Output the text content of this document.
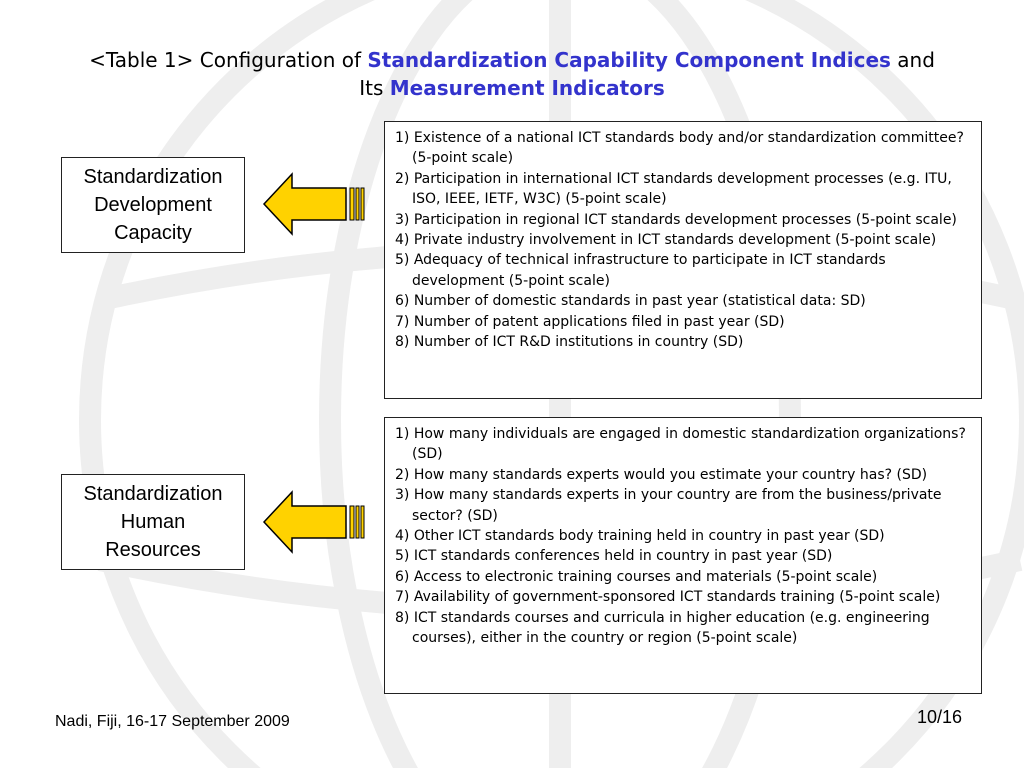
<Table 1> Configuration of Standardization Capability Component Indices and
Its Measurement Indicators
Standardization
Development
Capacity
1) Existence of a national ICT standards body and/or standardization committee? (5-point scale)
2) Participation in international ICT standards development processes (e.g. ITU, ISO, IEEE, IETF, W3C) (5-point scale)
3) Participation in regional ICT standards development processes (5-point scale)
4) Private industry involvement in ICT standards development (5-point scale)
5) Adequacy of technical infrastructure to participate in ICT standards development (5-point scale)
6) Number of domestic standards in past year (statistical data: SD)
7) Number of patent applications filed in past year (SD)
8) Number of ICT R&D institutions in country (SD)
Standardization
Human
Resources
1) How many individuals are engaged in domestic standardization organizations? (SD)
2) How many standards experts would you estimate your country has? (SD)
3) How many standards experts in your country are from the business/private sector? (SD)
4) Other ICT standards body training held in country in past year (SD)
5) ICT standards conferences held in country in past year (SD)
6) Access to electronic training courses and materials (5-point scale)
7) Availability of government-sponsored ICT standards training (5-point scale)
8) ICT standards courses and curricula in higher education (e.g. engineering courses), either in the country or region (5-point scale)
Nadi, Fiji, 16-17 September 2009	10/16
